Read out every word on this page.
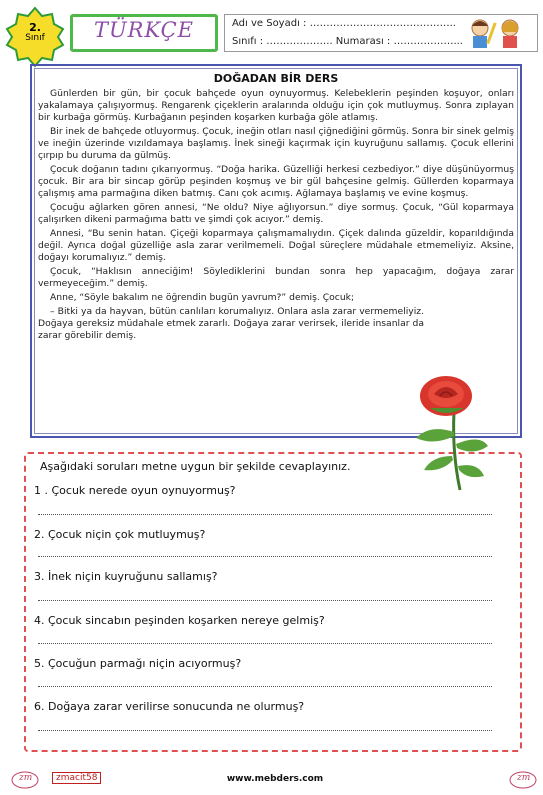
2.
Sınıf	TÜRKÇE	Adı ve Soyadı : ……………………………………..
Sınıfı : ……………….. Numarası : ………………...
DOĞADAN BİR DERS

Günlerden bir gün, bir çocuk bahçede oyun oynuyormuş. Kelebeklerin peşinden koşuyor, onları yakalamaya çalışıyormuş. Rengarenk çiçeklerin aralarında olduğu için çok mutluymuş. Sonra zıplayan bir kurbağa görmüş. Kurbağanın peşinden koşarken kurbağa göle atlamış.

Bir inek de bahçede otluyormuş. Çocuk, ineğin otları nasıl çiğnediğini görmüş. Sonra bir sinek gelmiş ve ineğin üzerinde vızıldamaya başlamış. İnek sineği kaçırmak için kuyruğunu sallamış. Çocuk ellerini çırpıp bu duruma da gülmüş.

Çocuk doğanın tadını çıkarıyormuş. “Doğa harika. Güzelliği herkesi cezbediyor.” diye düşünüyormuş çocuk. Bir ara bir sincap görüp peşinden koşmuş ve bir gül bahçesine gelmiş. Güllerden koparmaya çalışmış ama parmağına diken batmış. Canı çok acımış. Ağlamaya başlamış ve evine koşmuş.

Çocuğu ağlarken gören annesi, “Ne oldu? Niye ağlıyorsun.” diye sormuş. Çocuk, “Gül koparmaya çalışırken dikeni parmağıma battı ve şimdi çok acıyor.” demiş.

Annesi, “Bu senin hatan. Çiçeği koparmaya çalışmamalıydın. Çiçek dalında güzeldir, koparıldığında değil. Ayrıca doğal güzelliğe asla zarar verilmemeli. Doğal süreçlere müdahale etmemeliyiz. Aksine, doğayı korumalıyız.” demiş.

Çocuk, “Haklısın anneciğim! Söylediklerini bundan sonra hep yapacağım, doğaya zarar vermeyeceğim.” demiş.

Anne, “Söyle bakalım ne öğrendin bugün yavrum?” demiş. Çocuk;

– Bitki ya da hayvan, bütün canlıları korumalıyız. Onlara asla zarar vermemeliyiz. Doğaya gereksiz müdahale etmek zararlı. Doğaya zarar verirsek, ileride insanlar da zarar görebilir demiş.

Aşağıdaki soruları metne uygun bir şekilde cevaplayınız.
1 . Çocuk nerede oyun oynuyormuş?
2. Çocuk niçin çok mutluymuş?
3. İnek niçin kuyruğunu sallamış?
4. Çocuk sincabın peşinden koşarken nereye gelmiş?
5. Çocuğun parmağı niçin acıyormuş?
6. Doğaya zarar verilirse sonucunda ne olurmuş?
zm	zmacit58	www.mebders.com	zm
